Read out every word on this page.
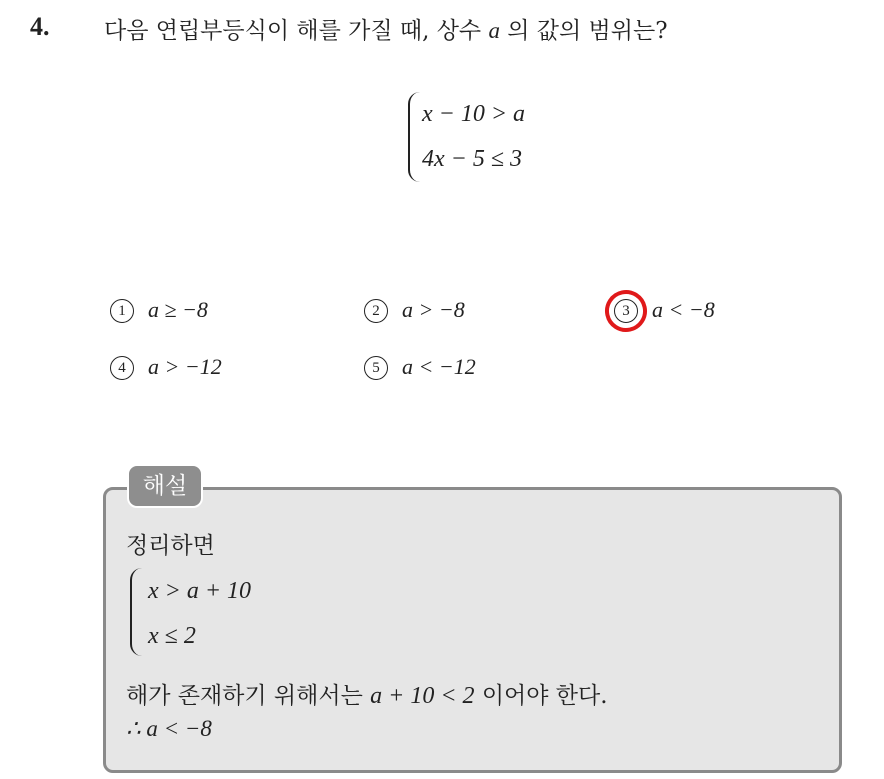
4. 다음 연립부등식이 해를 가질 때, 상수 a 의 값의 범위는?
x − 10 > a
4x − 5 ≤ 3
1 a ≥ −8	2 a > −8	3 a < −8
4 a > −12	5 a < −12
해설
정리하면
x > a + 10
x ≤ 2
해가 존재하기 위해서는 a + 10 < 2 이어야 한다.
∴ a < −8
